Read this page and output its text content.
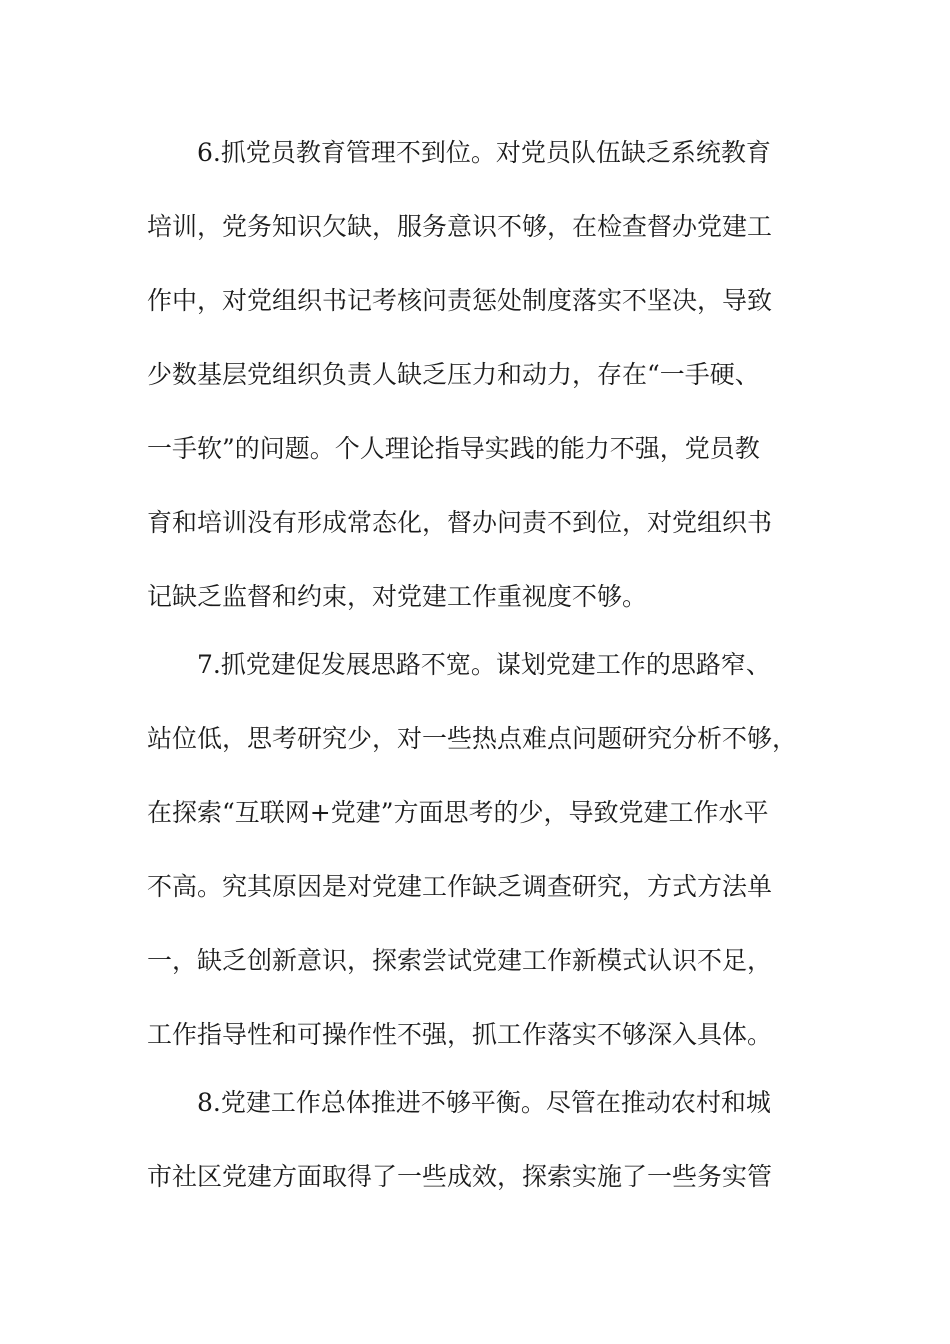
6.抓党员教育管理不到位。对党员队伍缺乏系统教育
培训，党务知识欠缺，服务意识不够，在检查督办党建工
作中，对党组织书记考核问责惩处制度落实不坚决，导致
少数基层党组织负责人缺乏压力和动力，存在“一手硬、
一手软”的问题。个人理论指导实践的能力不强，党员教
育和培训没有形成常态化，督办问责不到位，对党组织书
记缺乏监督和约束，对党建工作重视度不够。
7.抓党建促发展思路不宽。谋划党建工作的思路窄、
站位低，思考研究少，对一些热点难点问题研究分析不够，
在探索“互联网+党建”方面思考的少，导致党建工作水平
不高。究其原因是对党建工作缺乏调查研究，方式方法单
一，缺乏创新意识，探索尝试党建工作新模式认识不足，
工作指导性和可操作性不强，抓工作落实不够深入具体。
8.党建工作总体推进不够平衡。尽管在推动农村和城
市社区党建方面取得了一些成效，探索实施了一些务实管
